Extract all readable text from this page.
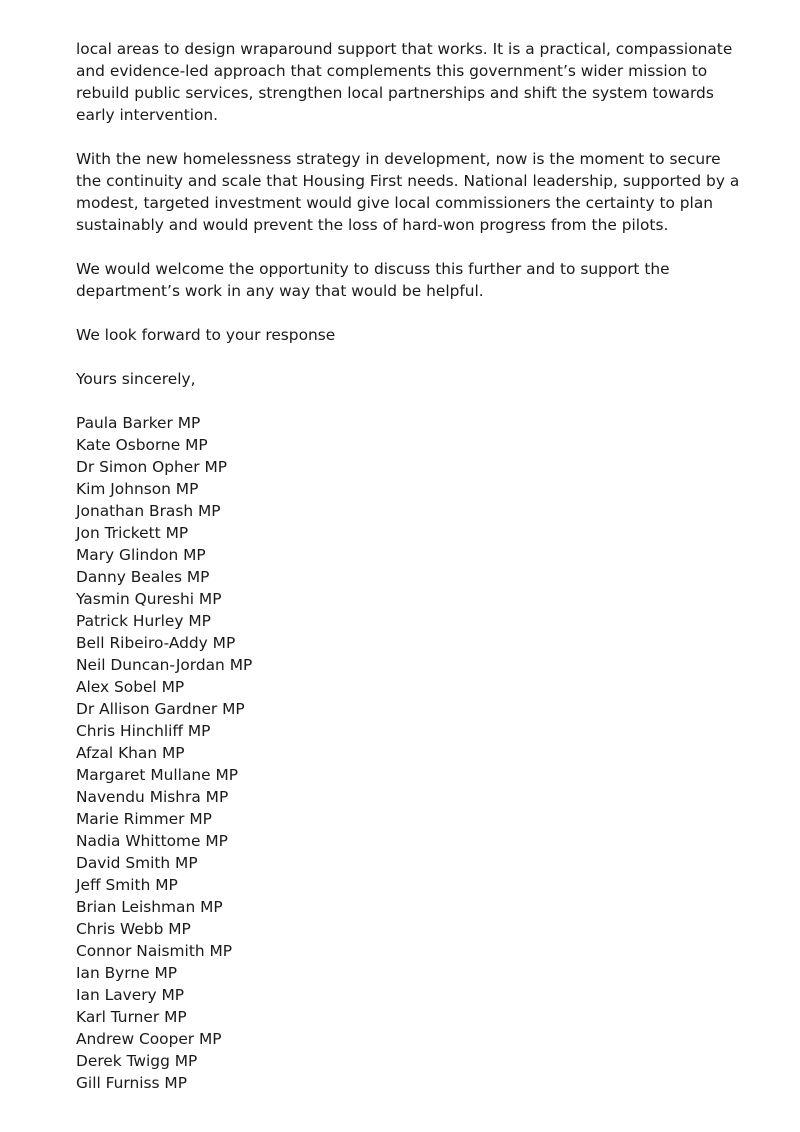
local areas to design wraparound support that works. It is a practical, compassionate
and evidence-led approach that complements this government’s wider mission to
rebuild public services, strengthen local partnerships and shift the system towards
early intervention.

With the new homelessness strategy in development, now is the moment to secure
the continuity and scale that Housing First needs. National leadership, supported by a
modest, targeted investment would give local commissioners the certainty to plan
sustainably and would prevent the loss of hard-won progress from the pilots.

We would welcome the opportunity to discuss this further and to support the
department’s work in any way that would be helpful.

We look forward to your response

Yours sincerely,

Paula Barker MP
Kate Osborne MP
Dr Simon Opher MP
Kim Johnson MP
Jonathan Brash MP
Jon Trickett MP
Mary Glindon MP
Danny Beales MP
Yasmin Qureshi MP
Patrick Hurley MP
Bell Ribeiro-Addy MP
Neil Duncan-Jordan MP
Alex Sobel MP
Dr Allison Gardner MP
Chris Hinchliff MP
Afzal Khan MP
Margaret Mullane MP
Navendu Mishra MP
Marie Rimmer MP
Nadia Whittome MP
David Smith MP
Jeff Smith MP
Brian Leishman MP
Chris Webb MP
Connor Naismith MP
Ian Byrne MP
Ian Lavery MP
Karl Turner MP
Andrew Cooper MP
Derek Twigg MP
Gill Furniss MP
